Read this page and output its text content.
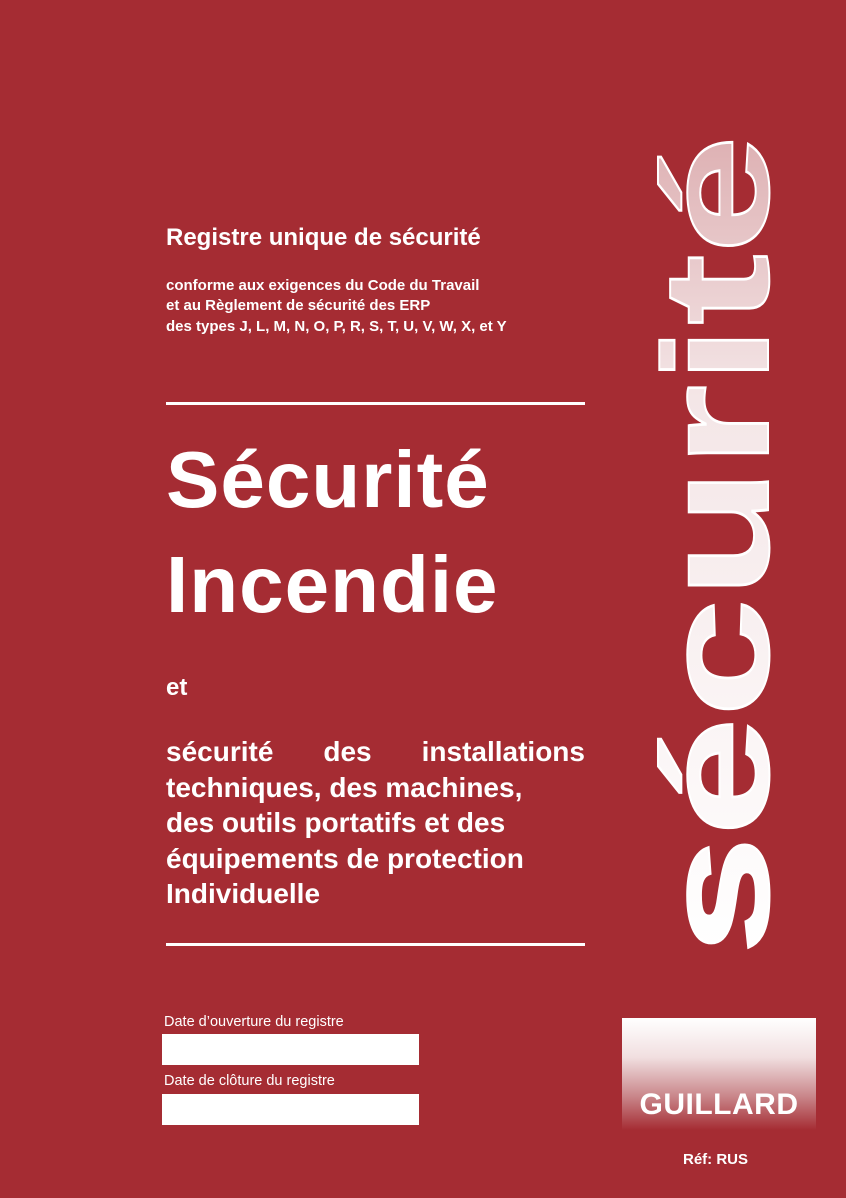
Registre unique de sécurité
conforme aux exigences du Code du Travail
et au Règlement de sécurité des ERP
des types J, L, M, N, O, P, R, S, T, U, V, W, X, et Y
Sécurité
Incendie
et
sécurité des installations
techniques, des machines,
des outils portatifs et des
équipements de protection
Individuelle
Date d’ouverture du registre
Date de clôture du registre
sécurité
GUILLARD
Réf: RUS
